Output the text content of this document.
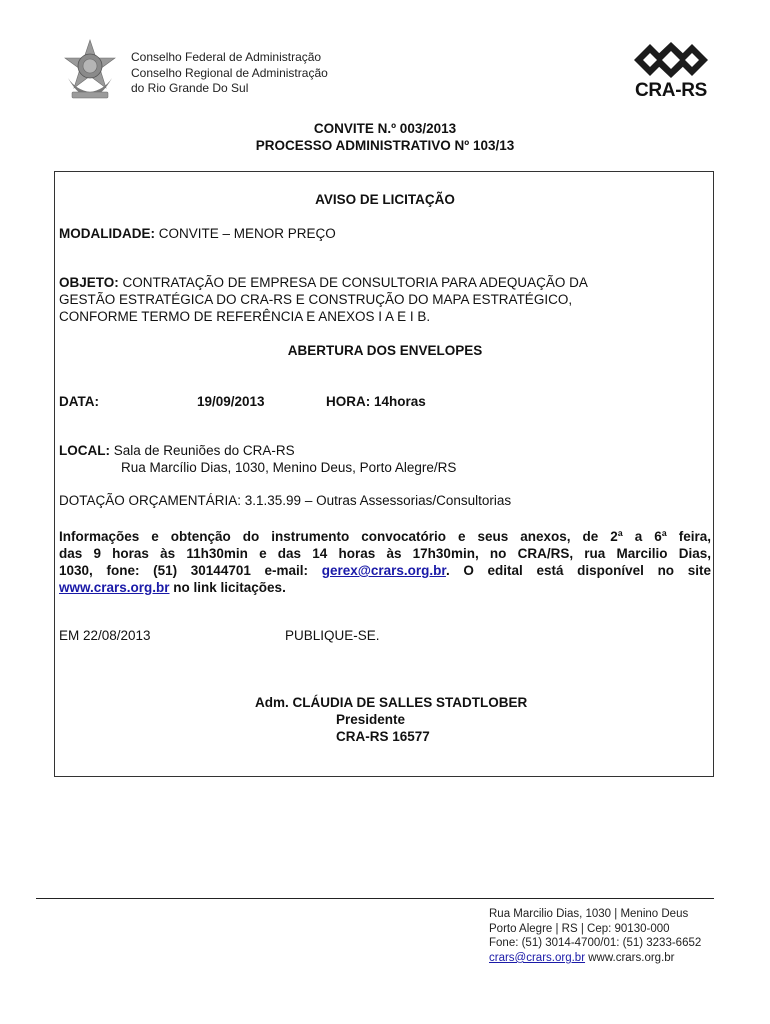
Conselho Federal de Administração
Conselho Regional de Administração
do Rio Grande Do Sul	CRA-RS
CONVITE N.º 003/2013
PROCESSO ADMINISTRATIVO Nº 103/13
AVISO DE LICITAÇÃO
MODALIDADE: CONVITE – MENOR PREÇO
OBJETO: CONTRATAÇÃO DE EMPRESA DE CONSULTORIA PARA ADEQUAÇÃO DA
GESTÃO ESTRATÉGICA DO CRA-RS E CONSTRUÇÃO DO MAPA ESTRATÉGICO,
CONFORME TERMO DE REFERÊNCIA E ANEXOS I A E I B.
ABERTURA DOS ENVELOPES
DATA:	19/09/2013	HORA: 14horas
LOCAL: Sala de Reuniões do CRA-RS
Rua Marcílio Dias, 1030, Menino Deus, Porto Alegre/RS
DOTAÇÃO ORÇAMENTÁRIA: 3.1.35.99 – Outras Assessorias/Consultorias
Informações e obtenção do instrumento convocatório e seus anexos, de 2ª a 6ª feira,
das 9 horas às 11h30min e das 14 horas às 17h30min, no CRA/RS, rua Marcilio Dias,
1030, fone: (51) 30144701 e-mail: gerex@crars.org.br. O edital está disponível no site
www.crars.org.br no link licitações.
EM 22/08/2013	PUBLIQUE-SE.
Adm. CLÁUDIA DE SALLES STADTLOBER
Presidente
CRA-RS 16577
Rua Marcilio Dias, 1030 | Menino Deus
Porto Alegre | RS | Cep: 90130-000
Fone: (51) 3014-4700/01: (51) 3233-6652
crars@crars.org.br www.crars.org.br
